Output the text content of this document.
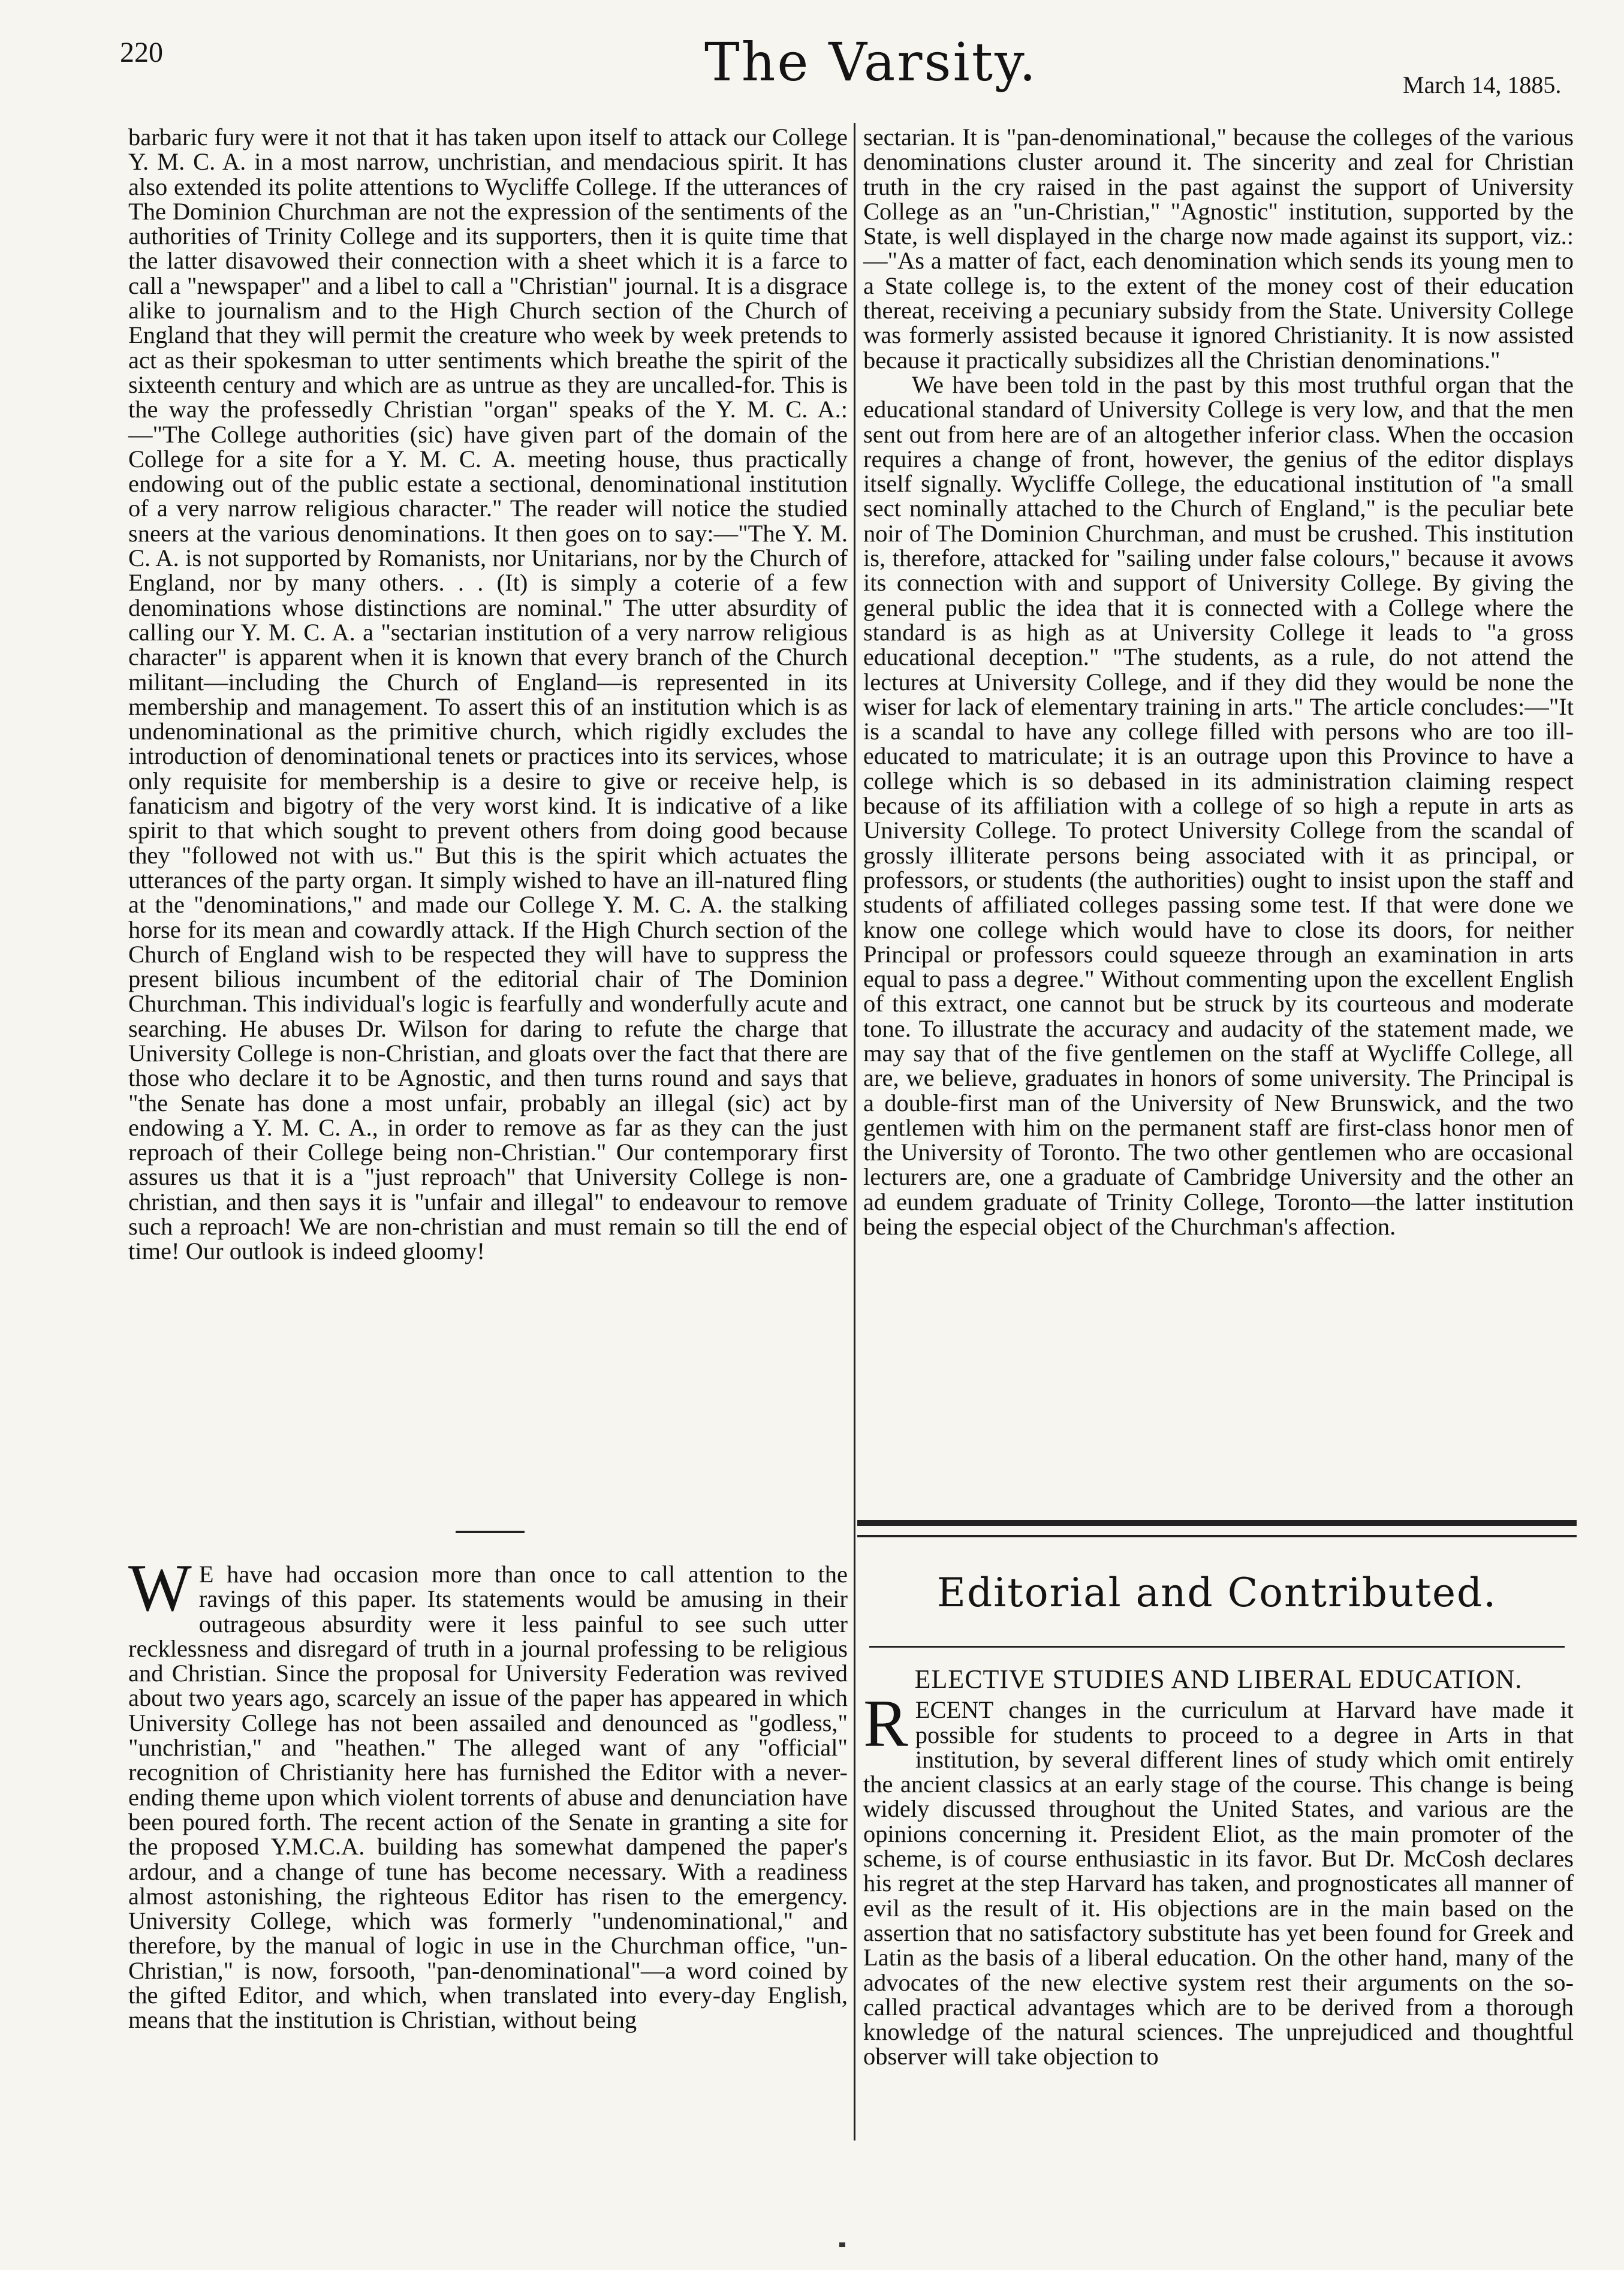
220	The Varsity.	March 14, 1885.

barbaric fury were it not that it has taken upon itself to attack our College Y. M. C. A. in a most narrow, unchristian, and mendacious spirit. It has also extended its polite attentions to Wycliffe College. If the utterances of The Dominion Churchman are not the expression of the sentiments of the authorities of Trinity College and its supporters, then it is quite time that the latter disavowed their connection with a sheet which it is a farce to call a "newspaper" and a libel to call a "Christian" journal. It is a disgrace alike to journalism and to the High Church section of the Church of England that they will permit the creature who week by week pretends to act as their spokesman to utter sentiments which breathe the spirit of the sixteenth century and which are as untrue as they are uncalled-for. This is the way the professedly Christian "organ" speaks of the Y. M. C. A.:—"The College authorities (sic) have given part of the domain of the College for a site for a Y. M. C. A. meeting house, thus practically endowing out of the public estate a sectional, denominational institution of a very narrow religious character." The reader will notice the studied sneers at the various denominations. It then goes on to say:—"The Y. M. C. A. is not supported by Romanists, nor Unitarians, nor by the Church of England, nor by many others. . . (It) is simply a coterie of a few denominations whose distinctions are nominal." The utter absurdity of calling our Y. M. C. A. a "sectarian institution of a very narrow religious character" is apparent when it is known that every branch of the Church militant—including the Church of England—is represented in its membership and management. To assert this of an institution which is as undenominational as the primitive church, which rigidly excludes the introduction of denominational tenets or practices into its services, whose only requisite for membership is a desire to give or receive help, is fanaticism and bigotry of the very worst kind. It is indicative of a like spirit to that which sought to prevent others from doing good because they "followed not with us." But this is the spirit which actuates the utterances of the party organ. It simply wished to have an ill-natured fling at the "denominations," and made our College Y. M. C. A. the stalking horse for its mean and cowardly attack. If the High Church section of the Church of England wish to be respected they will have to suppress the present bilious incumbent of the editorial chair of The Dominion Churchman. This individual's logic is fearfully and wonderfully acute and searching. He abuses Dr. Wilson for daring to refute the charge that University College is non-Christian, and gloats over the fact that there are those who declare it to be Agnostic, and then turns round and says that "the Senate has done a most unfair, probably an illegal (sic) act by endowing a Y. M. C. A., in order to remove as far as they can the just reproach of their College being non-Christian." Our contemporary first assures us that it is a "just reproach" that University College is non-christian, and then says it is "unfair and illegal" to endeavour to remove such a reproach! We are non-christian and must remain so till the end of time! Our outlook is indeed gloomy!

W E have had occasion more than once to call attention to the ravings of this paper. Its statements would be amusing in their outrageous absurdity were it less painful to see such utter recklessness and disregard of truth in a journal professing to be religious and Christian. Since the proposal for University Federation was revived about two years ago, scarcely an issue of the paper has appeared in which University College has not been assailed and denounced as "godless," "unchristian," and "heathen." The alleged want of any "official" recognition of Christianity here has furnished the Editor with a never-ending theme upon which violent torrents of abuse and denunciation have been poured forth. The recent action of the Senate in granting a site for the proposed Y.M.C.A. building has somewhat dampened the paper's ardour, and a change of tune has become necessary. With a readiness almost astonishing, the righteous Editor has risen to the emergency. University College, which was formerly "undenominational," and therefore, by the manual of logic in use in the Churchman office, "un-Christian," is now, forsooth, "pan-denominational"—a word coined by the gifted Editor, and which, when translated into every-day English, means that the institution is Christian, without being

sectarian. It is "pan-denominational," because the colleges of the various denominations cluster around it. The sincerity and zeal for Christian truth in the cry raised in the past against the support of University College as an "un-Christian," "Agnostic" institution, supported by the State, is well displayed in the charge now made against its support, viz.:—"As a matter of fact, each denomination which sends its young men to a State college is, to the extent of the money cost of their education thereat, receiving a pecuniary subsidy from the State. University College was formerly assisted because it ignored Christianity. It is now assisted because it practically subsidizes all the Christian denominations."

We have been told in the past by this most truthful organ that the educational standard of University College is very low, and that the men sent out from here are of an altogether inferior class. When the occasion requires a change of front, however, the genius of the editor displays itself signally. Wycliffe College, the educational institution of "a small sect nominally attached to the Church of England," is the peculiar bete noir of The Dominion Churchman, and must be crushed. This institution is, therefore, attacked for "sailing under false colours," because it avows its connection with and support of University College. By giving the general public the idea that it is connected with a College where the standard is as high as at University College it leads to "a gross educational deception." "The students, as a rule, do not attend the lectures at University College, and if they did they would be none the wiser for lack of elementary training in arts." The article concludes:—"It is a scandal to have any college filled with persons who are too ill-educated to matriculate; it is an outrage upon this Province to have a college which is so debased in its administration claiming respect because of its affiliation with a college of so high a repute in arts as University College. To protect University College from the scandal of grossly illiterate persons being associated with it as principal, or professors, or students (the authorities) ought to insist upon the staff and students of affiliated colleges passing some test. If that were done we know one college which would have to close its doors, for neither Principal or professors could squeeze through an examination in arts equal to pass a degree." Without commenting upon the excellent English of this extract, one cannot but be struck by its courteous and moderate tone. To illustrate the accuracy and audacity of the statement made, we may say that of the five gentlemen on the staff at Wycliffe College, all are, we believe, graduates in honors of some university. The Principal is a double-first man of the University of New Brunswick, and the two gentlemen with him on the permanent staff are first-class honor men of the University of Toronto. The two other gentlemen who are occasional lecturers are, one a graduate of Cambridge University and the other an ad eundem graduate of Trinity College, Toronto—the latter institution being the especial object of the Churchman's affection.

Editorial and Contributed.
ELECTIVE STUDIES AND LIBERAL EDUCATION.

RECENT changes in the curriculum at Harvard have made it possible for students to proceed to a degree in Arts in that institution, by several different lines of study which omit entirely the ancient classics at an early stage of the course. This change is being widely discussed throughout the United States, and various are the opinions concerning it. President Eliot, as the main promoter of the scheme, is of course enthusiastic in its favor. But Dr. McCosh declares his regret at the step Harvard has taken, and prognosticates all manner of evil as the result of it. His objections are in the main based on the assertion that no satisfactory substitute has yet been found for Greek and Latin as the basis of a liberal education. On the other hand, many of the advocates of the new elective system rest their arguments on the so-called practical advantages which are to be derived from a thorough knowledge of the natural sciences. The unprejudiced and thoughtful observer will take objection to
